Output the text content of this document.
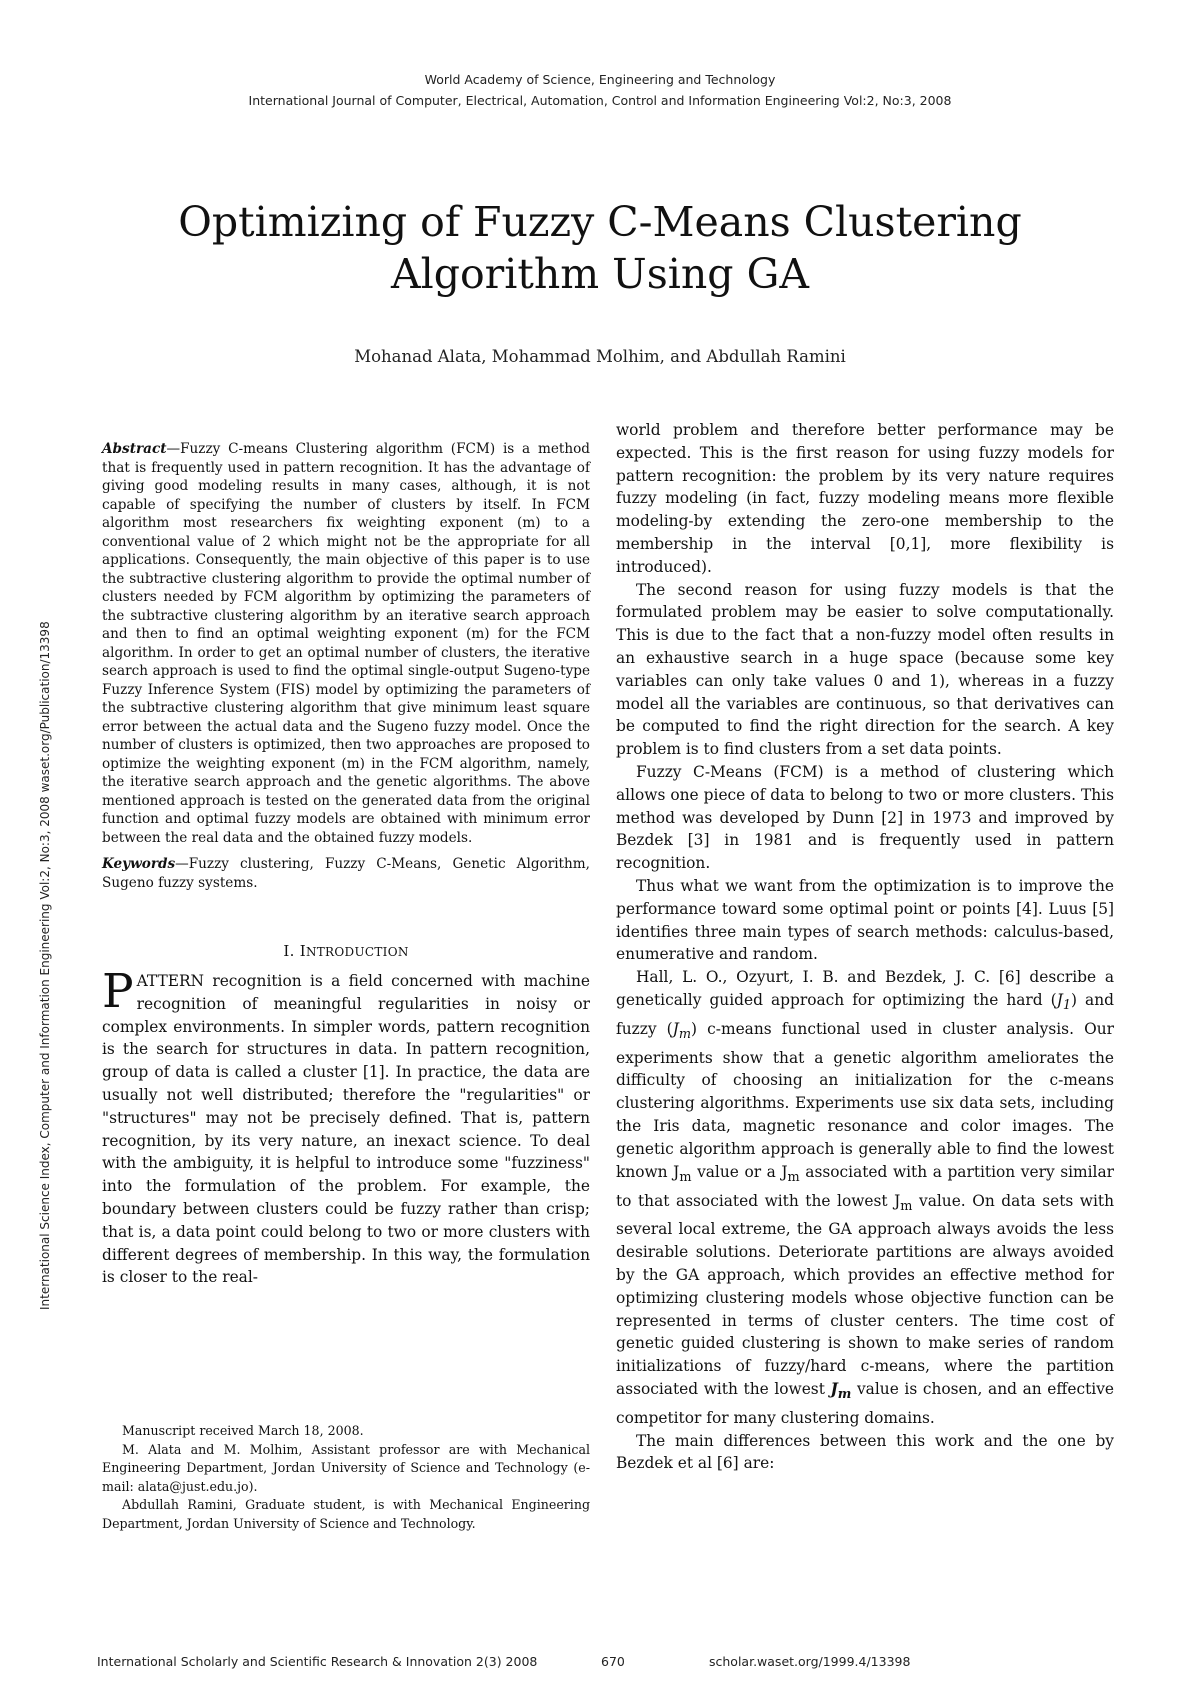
World Academy of Science, Engineering and Technology
International Journal of Computer, Electrical, Automation, Control and Information Engineering Vol:2, No:3, 2008
Optimizing of Fuzzy C-Means Clustering
Algorithm Using GA
Mohanad Alata, Mohammad Molhim, and Abdullah Ramini
International Science Index, Computer and Information Engineering Vol:2, No:3, 2008 waset.org/Publication/13398

Abstract—Fuzzy C-means Clustering algorithm (FCM) is a method that is frequently used in pattern recognition. It has the advantage of giving good modeling results in many cases, although, it is not capable of specifying the number of clusters by itself. In FCM algorithm most researchers fix weighting exponent (m) to a conventional value of 2 which might not be the appropriate for all applications. Consequently, the main objective of this paper is to use the subtractive clustering algorithm to provide the optimal number of clusters needed by FCM algorithm by optimizing the parameters of the subtractive clustering algorithm by an iterative search approach and then to find an optimal weighting exponent (m) for the FCM algorithm. In order to get an optimal number of clusters, the iterative search approach is used to find the optimal single-output Sugeno-type Fuzzy Inference System (FIS) model by optimizing the parameters of the subtractive clustering algorithm that give minimum least square error between the actual data and the Sugeno fuzzy model. Once the number of clusters is optimized, then two approaches are proposed to optimize the weighting exponent (m) in the FCM algorithm, namely, the iterative search approach and the genetic algorithms. The above mentioned approach is tested on the generated data from the original function and optimal fuzzy models are obtained with minimum error between the real data and the obtained fuzzy models.

Keywords—Fuzzy clustering, Fuzzy C-Means, Genetic Algorithm, Sugeno fuzzy systems.

I. INTRODUCTION

PATTERN recognition is a field concerned with machine recognition of meaningful regularities in noisy or complex environments. In simpler words, pattern recognition is the search for structures in data. In pattern recognition, group of data is called a cluster [1]. In practice, the data are usually not well distributed; therefore the "regularities" or "structures" may not be precisely defined. That is, pattern recognition, by its very nature, an inexact science. To deal with the ambiguity, it is helpful to introduce some "fuzziness" into the formulation of the problem. For example, the boundary between clusters could be fuzzy rather than crisp; that is, a data point could belong to two or more clusters with different degrees of membership. In this way, the formulation is closer to the real-

Manuscript received March 18, 2008.

M. Alata and M. Molhim, Assistant professor are with Mechanical Engineering Department, Jordan University of Science and Technology (e-mail: alata@just.edu.jo).

Abdullah Ramini, Graduate student, is with Mechanical Engineering Department, Jordan University of Science and Technology.

world problem and therefore better performance may be expected. This is the first reason for using fuzzy models for pattern recognition: the problem by its very nature requires fuzzy modeling (in fact, fuzzy modeling means more flexible modeling-by extending the zero-one membership to the membership in the interval [0,1], more flexibility is introduced).

The second reason for using fuzzy models is that the formulated problem may be easier to solve computationally. This is due to the fact that a non-fuzzy model often results in an exhaustive search in a huge space (because some key variables can only take values 0 and 1), whereas in a fuzzy model all the variables are continuous, so that derivatives can be computed to find the right direction for the search. A key problem is to find clusters from a set data points.

Fuzzy C-Means (FCM) is a method of clustering which allows one piece of data to belong to two or more clusters. This method was developed by Dunn [2] in 1973 and improved by Bezdek [3] in 1981 and is frequently used in pattern recognition.

Thus what we want from the optimization is to improve the performance toward some optimal point or points [4]. Luus [5] identifies three main types of search methods: calculus-based, enumerative and random.

Hall, L. O., Ozyurt, I. B. and Bezdek, J. C. [6] describe a genetically guided approach for optimizing the hard $(J_1)$ and fuzzy $(J_m)$ c-means functional used in cluster analysis. Our experiments show that a genetic algorithm ameliorates the difficulty of choosing an initialization for the c-means clustering algorithms. Experiments use six data sets, including the Iris data, magnetic resonance and color images. The genetic algorithm approach is generally able to find the lowest known $J_m$ value or a $J_m$ associated with a partition very similar to that associated with the lowest $J_m$ value. On data sets with several local extreme, the GA approach always avoids the less desirable solutions. Deteriorate partitions are always avoided by the GA approach, which provides an effective method for optimizing clustering models whose objective function can be represented in terms of cluster centers. The time cost of genetic guided clustering is shown to make series of random initializations of fuzzy/hard c-means, where the partition associated with the lowest $J_m$ value is chosen, and an effective competitor for many clustering domains.

The main differences between this work and the one by Bezdek et al [6] are:

International Scholarly and Scientific Research & Innovation 2(3) 2008	670	scholar.waset.org/1999.4/13398
